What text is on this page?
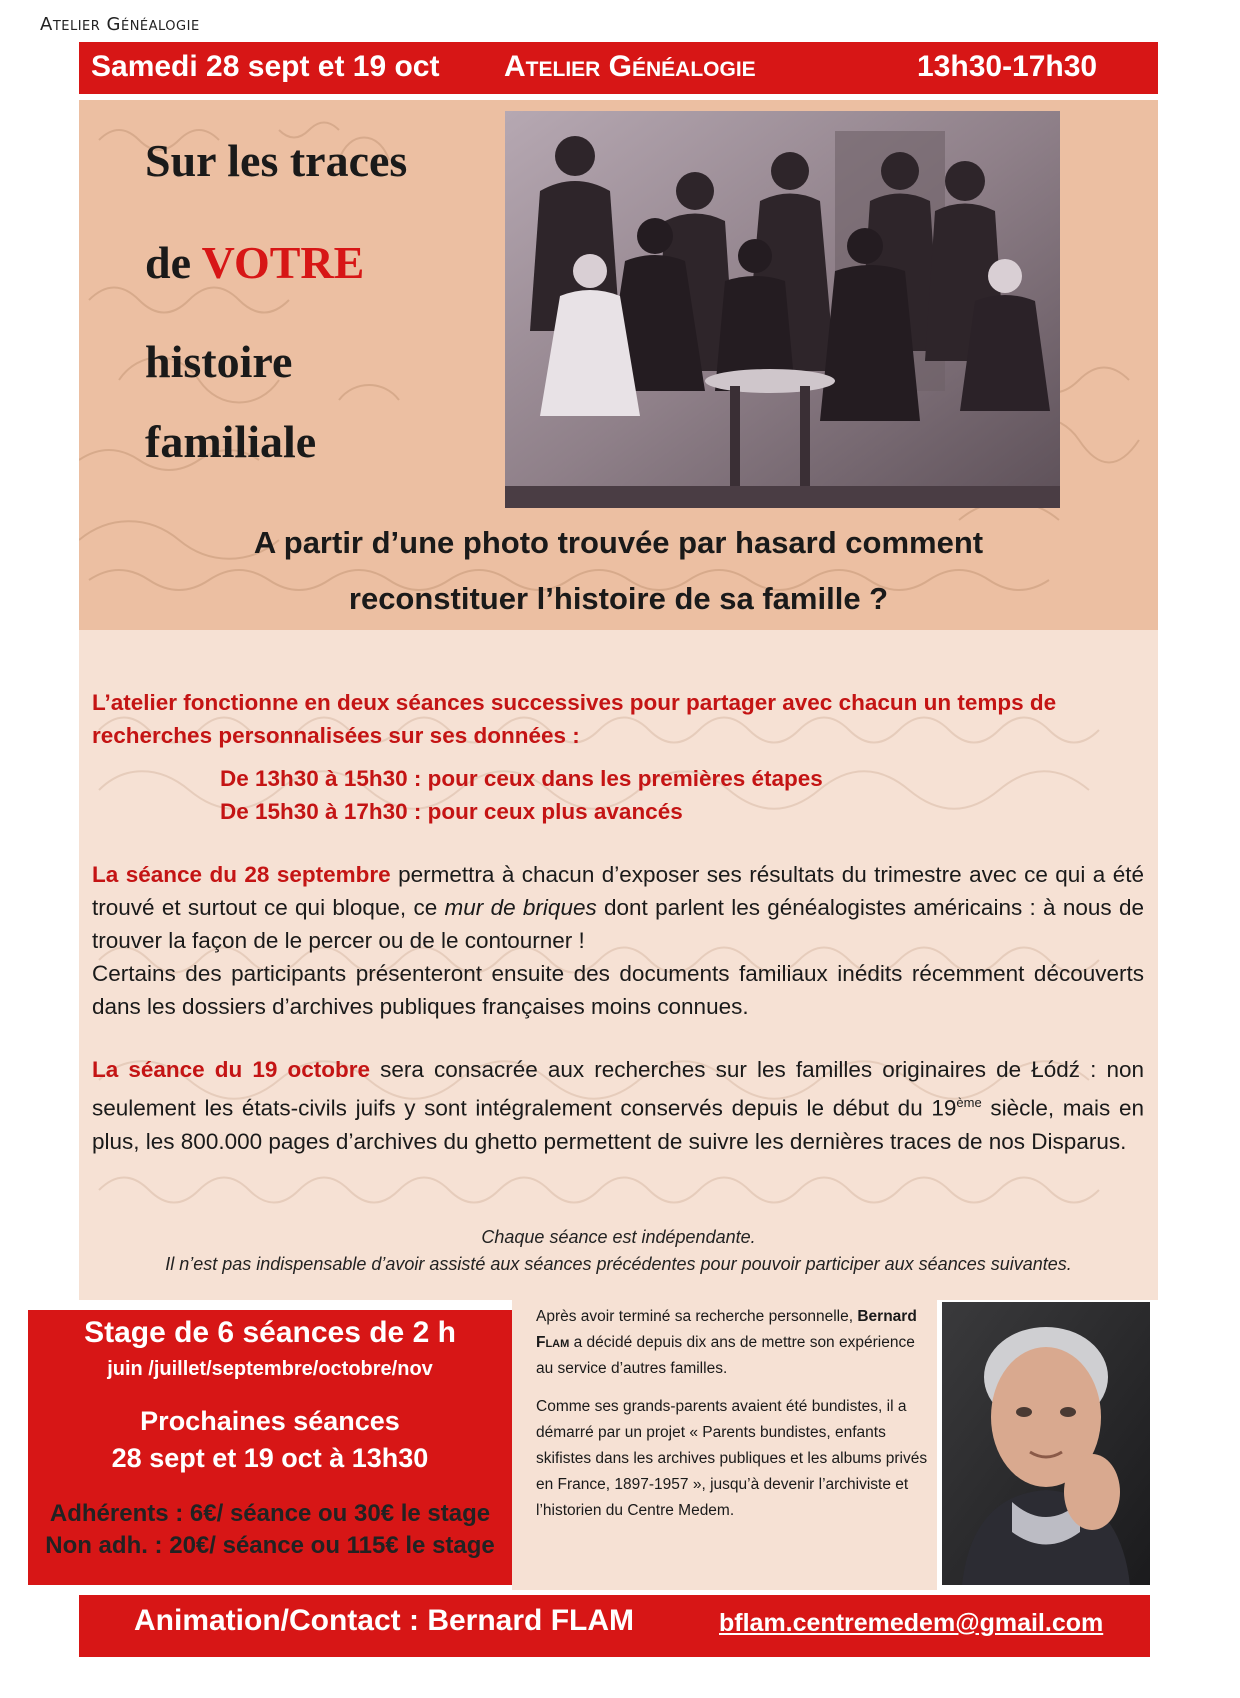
Atelier Généalogie
Samedi 28 sept et 19 oct Atelier Généalogie	13h30-17h30
Sur les traces
de VOTRE
histoire
familiale
A partir d’une photo trouvée par hasard comment
reconstituer l’histoire de sa famille ?

L’atelier fonctionne en deux séances successives pour partager avec chacun un temps de recherches personnalisées sur ses données :

De 13h30 à 15h30 : pour ceux dans les premières étapes
De 15h30 à 17h30 : pour ceux plus avancés

La séance du 28 septembre permettra à chacun d’exposer ses résultats du trimestre avec ce qui a été trouvé et surtout ce qui bloque, ce mur de briques dont parlent les généalogistes américains : à nous de trouver la façon de le percer ou de le contourner !

Certains des participants présenteront ensuite des documents familiaux inédits récemment découverts dans les dossiers d’archives publiques françaises moins connues.

La séance du 19 octobre sera consacrée aux recherches sur les familles originaires de Łódź : non seulement les états-civils juifs y sont intégralement conservés depuis le début du 19ème siècle, mais en plus, les 800.000 pages d’archives du ghetto permettent de suivre les dernières traces de nos Disparus.

Chaque séance est indépendante.
Il n’est pas indispensable d’avoir assisté aux séances précédentes pour pouvoir participer aux séances suivantes.
Stage de 6 séances de 2 h
juin /juillet/septembre/octobre/nov
Prochaines séances
28 sept et 19 oct à 13h30
Adhérents : 6€/ séance ou 30€ le stage
Non adh. : 20€/ séance ou 115€ le stage

Après avoir terminé sa recherche personnelle, Bernard Flam a décidé depuis dix ans de mettre son expérience au service d’autres familles.

Comme ses grands-parents avaient été bundistes, il a démarré par un projet « Parents bundistes, enfants skifistes dans les archives publiques et les albums privés en France, 1897-1957 », jusqu’à devenir l’archiviste et l’historien du Centre Medem.

Animation/Contact : Bernard FLAM	bflam.centremedem@gmail.com
